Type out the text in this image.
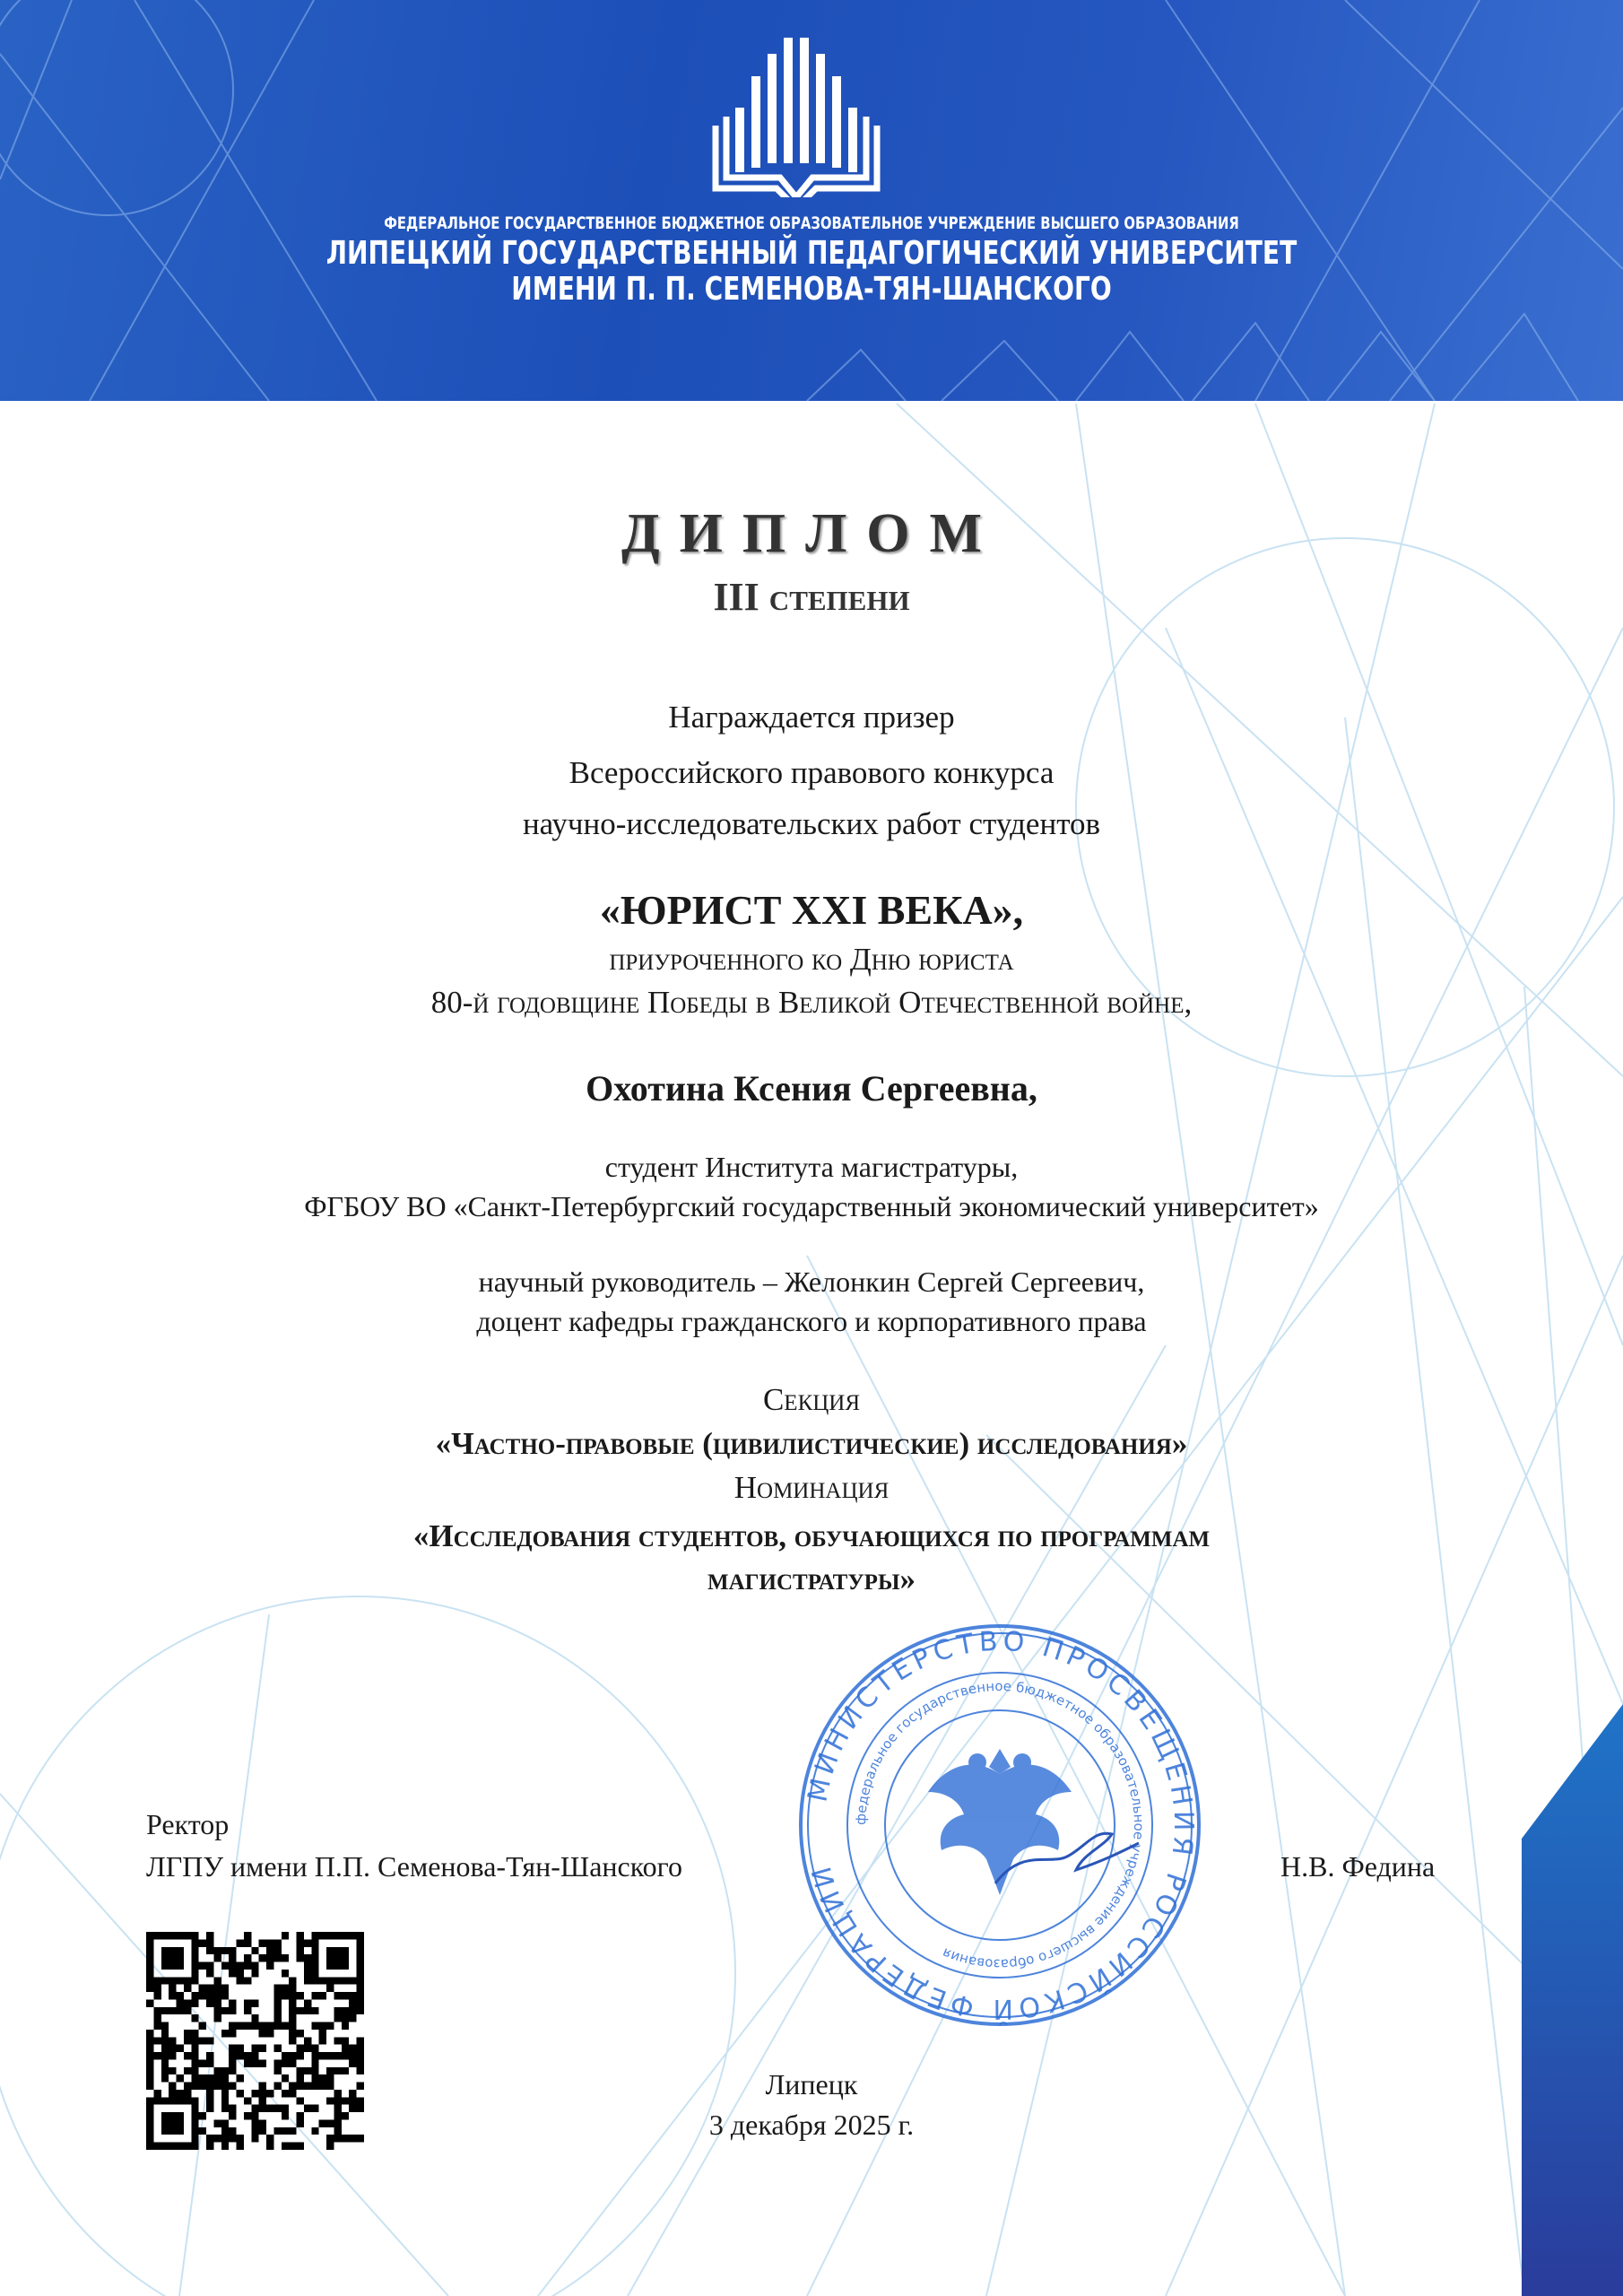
ФЕДЕРАЛЬНОЕ ГОСУДАРСТВЕННОЕ БЮДЖЕТНОЕ ОБРАЗОВАТЕЛЬНОЕ УЧРЕЖДЕНИЕ ВЫСШЕГО ОБРАЗОВАНИЯ
ЛИПЕЦКИЙ ГОСУДАРСТВЕННЫЙ ПЕДАГОГИЧЕСКИЙ УНИВЕРСИТЕТ
ИМЕНИ П. П. СЕМЕНОВА-ТЯН-ШАНСКОГО
ДИПЛОМ
III степени
Награждается призер
Всероссийского правового конкурса
научно-исследовательских работ студентов
«ЮРИСТ XXI ВЕКА»,
приуроченного ко Дню юриста
80-й годовщине Победы в Великой Отечественной войне,
Охотина Ксения Сергеевна,
студент Института магистратуры,
ФГБОУ ВО «Санкт-Петербургский государственный экономический университет»
научный руководитель – Желонкин Сергей Сергеевич,
доцент кафедры гражданского и корпоративного права
Секция
«Частно-правовые (цивилистические) исследования»
Номинация
«Исследования студентов, обучающихся по программам
магистратуры»
МИНИСТЕРСТВО ПРОСВЕЩЕНИЯ РОССИЙСКОЙ ФЕДЕРАЦИИ
федеральное государственное бюджетное образовательное учреждение высшего образования
Ректор
ЛГПУ имени П.П. Семенова-Тян-Шанского	Н.В. Федина
Липецк
3 декабря 2025 г.
